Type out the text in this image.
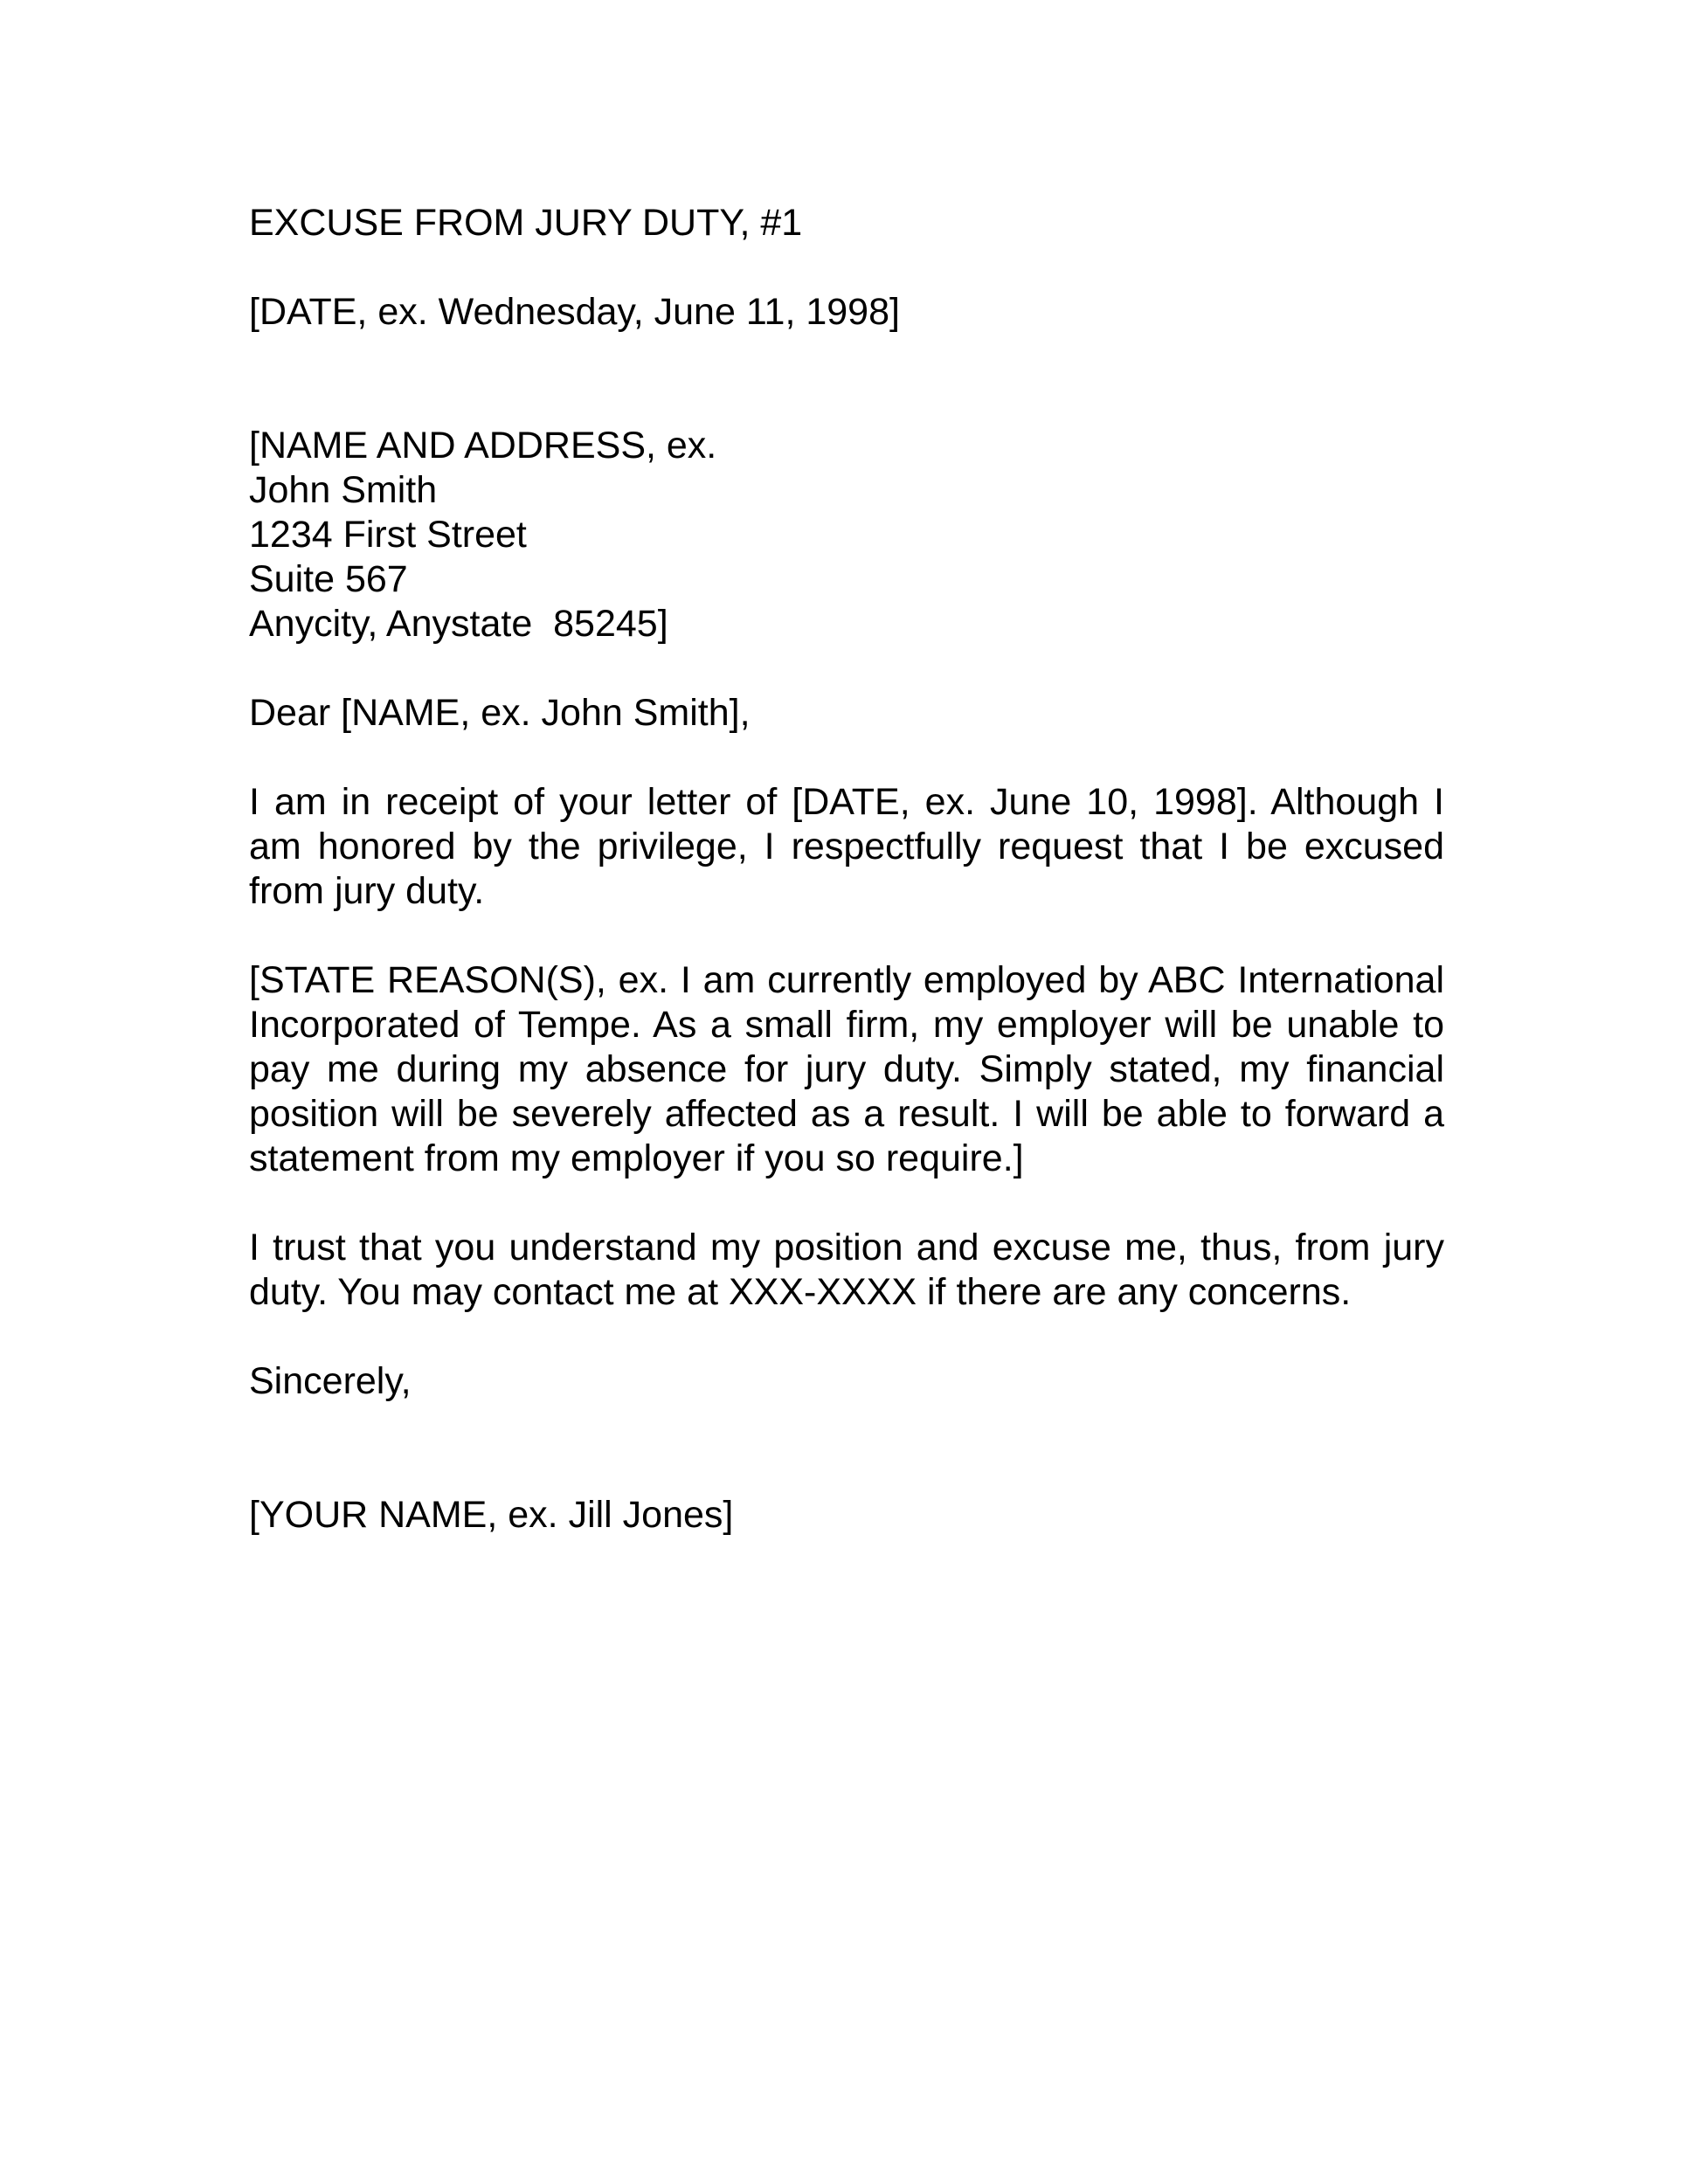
EXCUSE FROM JURY DUTY, #1
[DATE, ex. Wednesday, June 11, 1998]
[NAME AND ADDRESS, ex.
John Smith
1234 First Street
Suite 567
Anycity, Anystate  85245]
Dear [NAME, ex. John Smith],

I am in receipt of your letter of [DATE, ex. June 10, 1998]. Although I am honored by the privilege, I respectfully request that I be excused from jury duty.

[STATE REASON(S), ex. I am currently employed by ABC International Incorporated of Tempe. As a small firm, my employer will be unable to pay me during my absence for jury duty. Simply stated, my financial position will be severely affected as a result. I will be able to forward a statement from my employer if you so require.]

I trust that you understand my position and excuse me, thus, from jury duty. You may contact me at XXX-XXXX if there are any concerns.

Sincerely,
[YOUR NAME, ex. Jill Jones]
